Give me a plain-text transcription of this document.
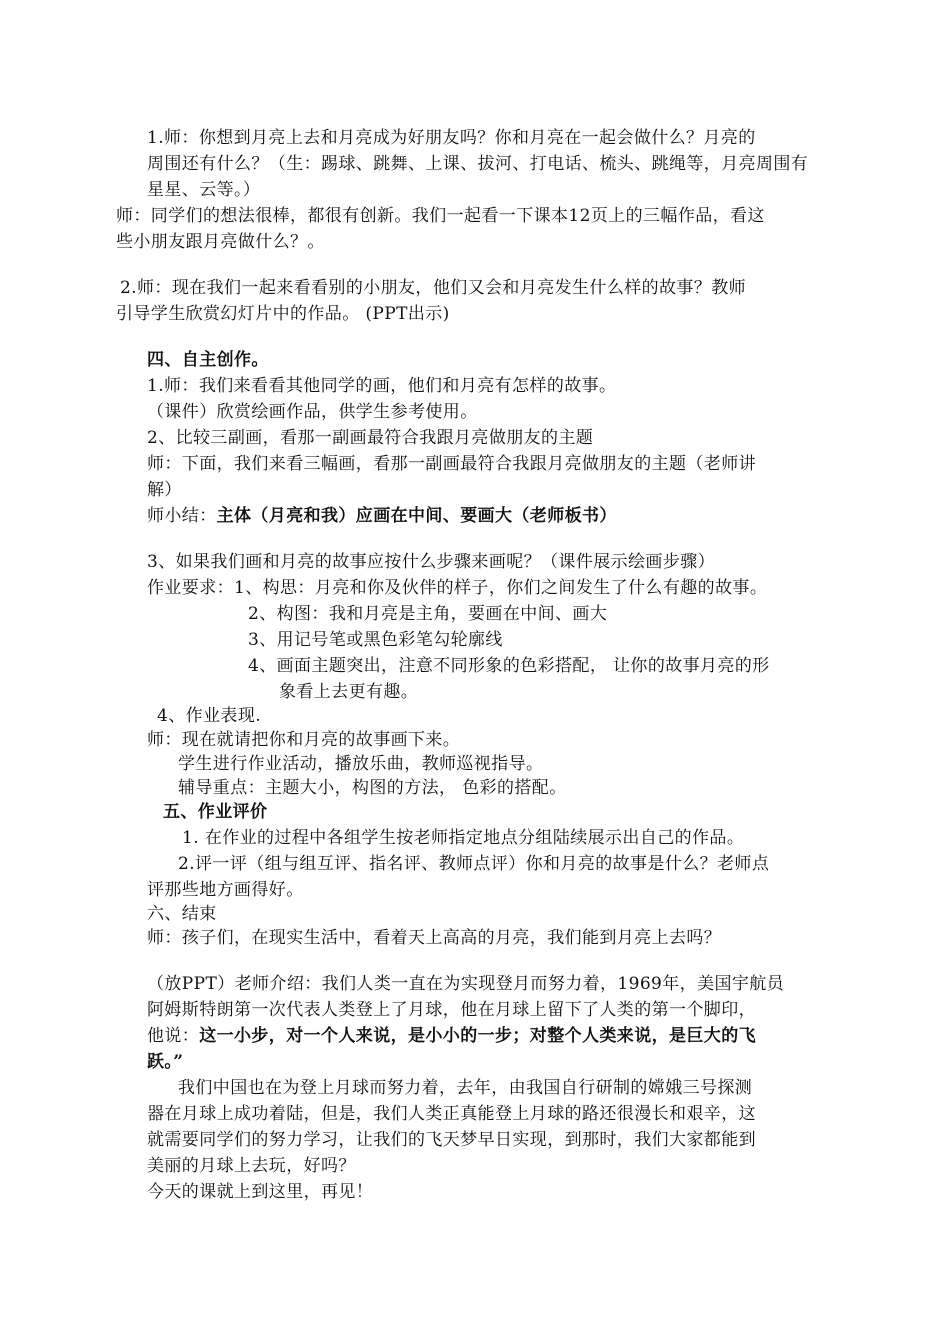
1.师：你想到月亮上去和月亮成为好朋友吗？你和月亮在一起会做什么？月亮的
周围还有什么？（生：踢球、跳舞、上课、拔河、打电话、梳头、跳绳等，月亮周围有
星星、云等。）
师：同学们的想法很棒，都很有创新。我们一起看一下课本12页上的三幅作品，看这
些小朋友跟月亮做什么？。
2.师：现在我们一起来看看别的小朋友，他们又会和月亮发生什么样的故事？教师
引导学生欣赏幻灯片中的作品。 (PPT出示)
四、自主创作。
1.师：我们来看看其他同学的画，他们和月亮有怎样的故事。
（课件）欣赏绘画作品，供学生参考使用。
2、比较三副画，看那一副画最符合我跟月亮做朋友的主题
师：下面，我们来看三幅画，看那一副画最符合我跟月亮做朋友的主题（老师讲
解）
师小结：主体（月亮和我）应画在中间、要画大（老师板书）
3、如果我们画和月亮的故事应按什么步骤来画呢？（课件展示绘画步骤）
作业要求：1、构思：月亮和你及伙伴的样子，你们之间发生了什么有趣的故事。
2、构图：我和月亮是主角，要画在中间、画大
3、用记号笔或黑色彩笔勾轮廓线
4、画面主题突出，注意不同形象的色彩搭配， 让你的故事月亮的形
象看上去更有趣。
4、作业表现.
师：现在就请把你和月亮的故事画下来。
学生进行作业活动，播放乐曲，教师巡视指导。
辅导重点：主题大小，构图的方法， 色彩的搭配。
五、作业评价
1. 在作业的过程中各组学生按老师指定地点分组陆续展示出自己的作品。
2.评一评（组与组互评、指名评、教师点评）你和月亮的故事是什么？老师点
评那些地方画得好。
六、结束
师：孩子们，在现实生活中，看着天上高高的月亮，我们能到月亮上去吗？
（放PPT）老师介绍：我们人类一直在为实现登月而努力着，1969年，美国宇航员
阿姆斯特朗第一次代表人类登上了月球，他在月球上留下了人类的第一个脚印，
他说：这一小步，对一个人来说，是小小的一步；对整个人类来说，是巨大的飞
跃。”
我们中国也在为登上月球而努力着，去年，由我国自行研制的嫦娥三号探测
器在月球上成功着陆，但是，我们人类正真能登上月球的路还很漫长和艰辛，这
就需要同学们的努力学习，让我们的飞天梦早日实现，到那时，我们大家都能到
美丽的月球上去玩，好吗？
今天的课就上到这里，再见！
